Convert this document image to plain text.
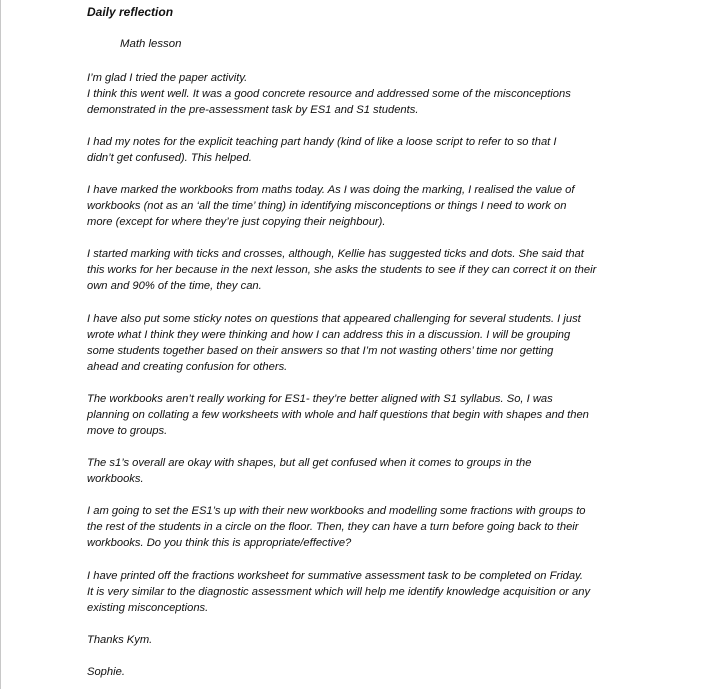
Daily reflection
Math lesson
I’m glad I tried the paper activity.
I think this went well. It was a good concrete resource and addressed some of the misconceptions
demonstrated in the pre-assessment task by ES1 and S1 students.
I had my notes for the explicit teaching part handy (kind of like a loose script to refer to so that I
didn’t get confused). This helped.
I have marked the workbooks from maths today. As I was doing the marking, I realised the value of
workbooks (not as an ‘all the time’ thing) in identifying misconceptions or things I need to work on
more (except for where they’re just copying their neighbour).
I started marking with ticks and crosses, although, Kellie has suggested ticks and dots. She said that
this works for her because in the next lesson, she asks the students to see if they can correct it on their
own and 90% of the time, they can.
I have also put some sticky notes on questions that appeared challenging for several students. I just
wrote what I think they were thinking and how I can address this in a discussion. I will be grouping
some students together based on their answers so that I’m not wasting others’ time nor getting
ahead and creating confusion for others.
The workbooks aren’t really working for ES1- they’re better aligned with S1 syllabus. So, I was
planning on collating a few worksheets with whole and half questions that begin with shapes and then
move to groups.
The s1’s overall are okay with shapes, but all get confused when it comes to groups in the
workbooks.
I am going to set the ES1’s up with their new workbooks and modelling some fractions with groups to
the rest of the students in a circle on the floor. Then, they can have a turn before going back to their
workbooks. Do you think this is appropriate/effective?
I have printed off the fractions worksheet for summative assessment task to be completed on Friday.
It is very similar to the diagnostic assessment which will help me identify knowledge acquisition or any
existing misconceptions.
Thanks Kym.
Sophie.
